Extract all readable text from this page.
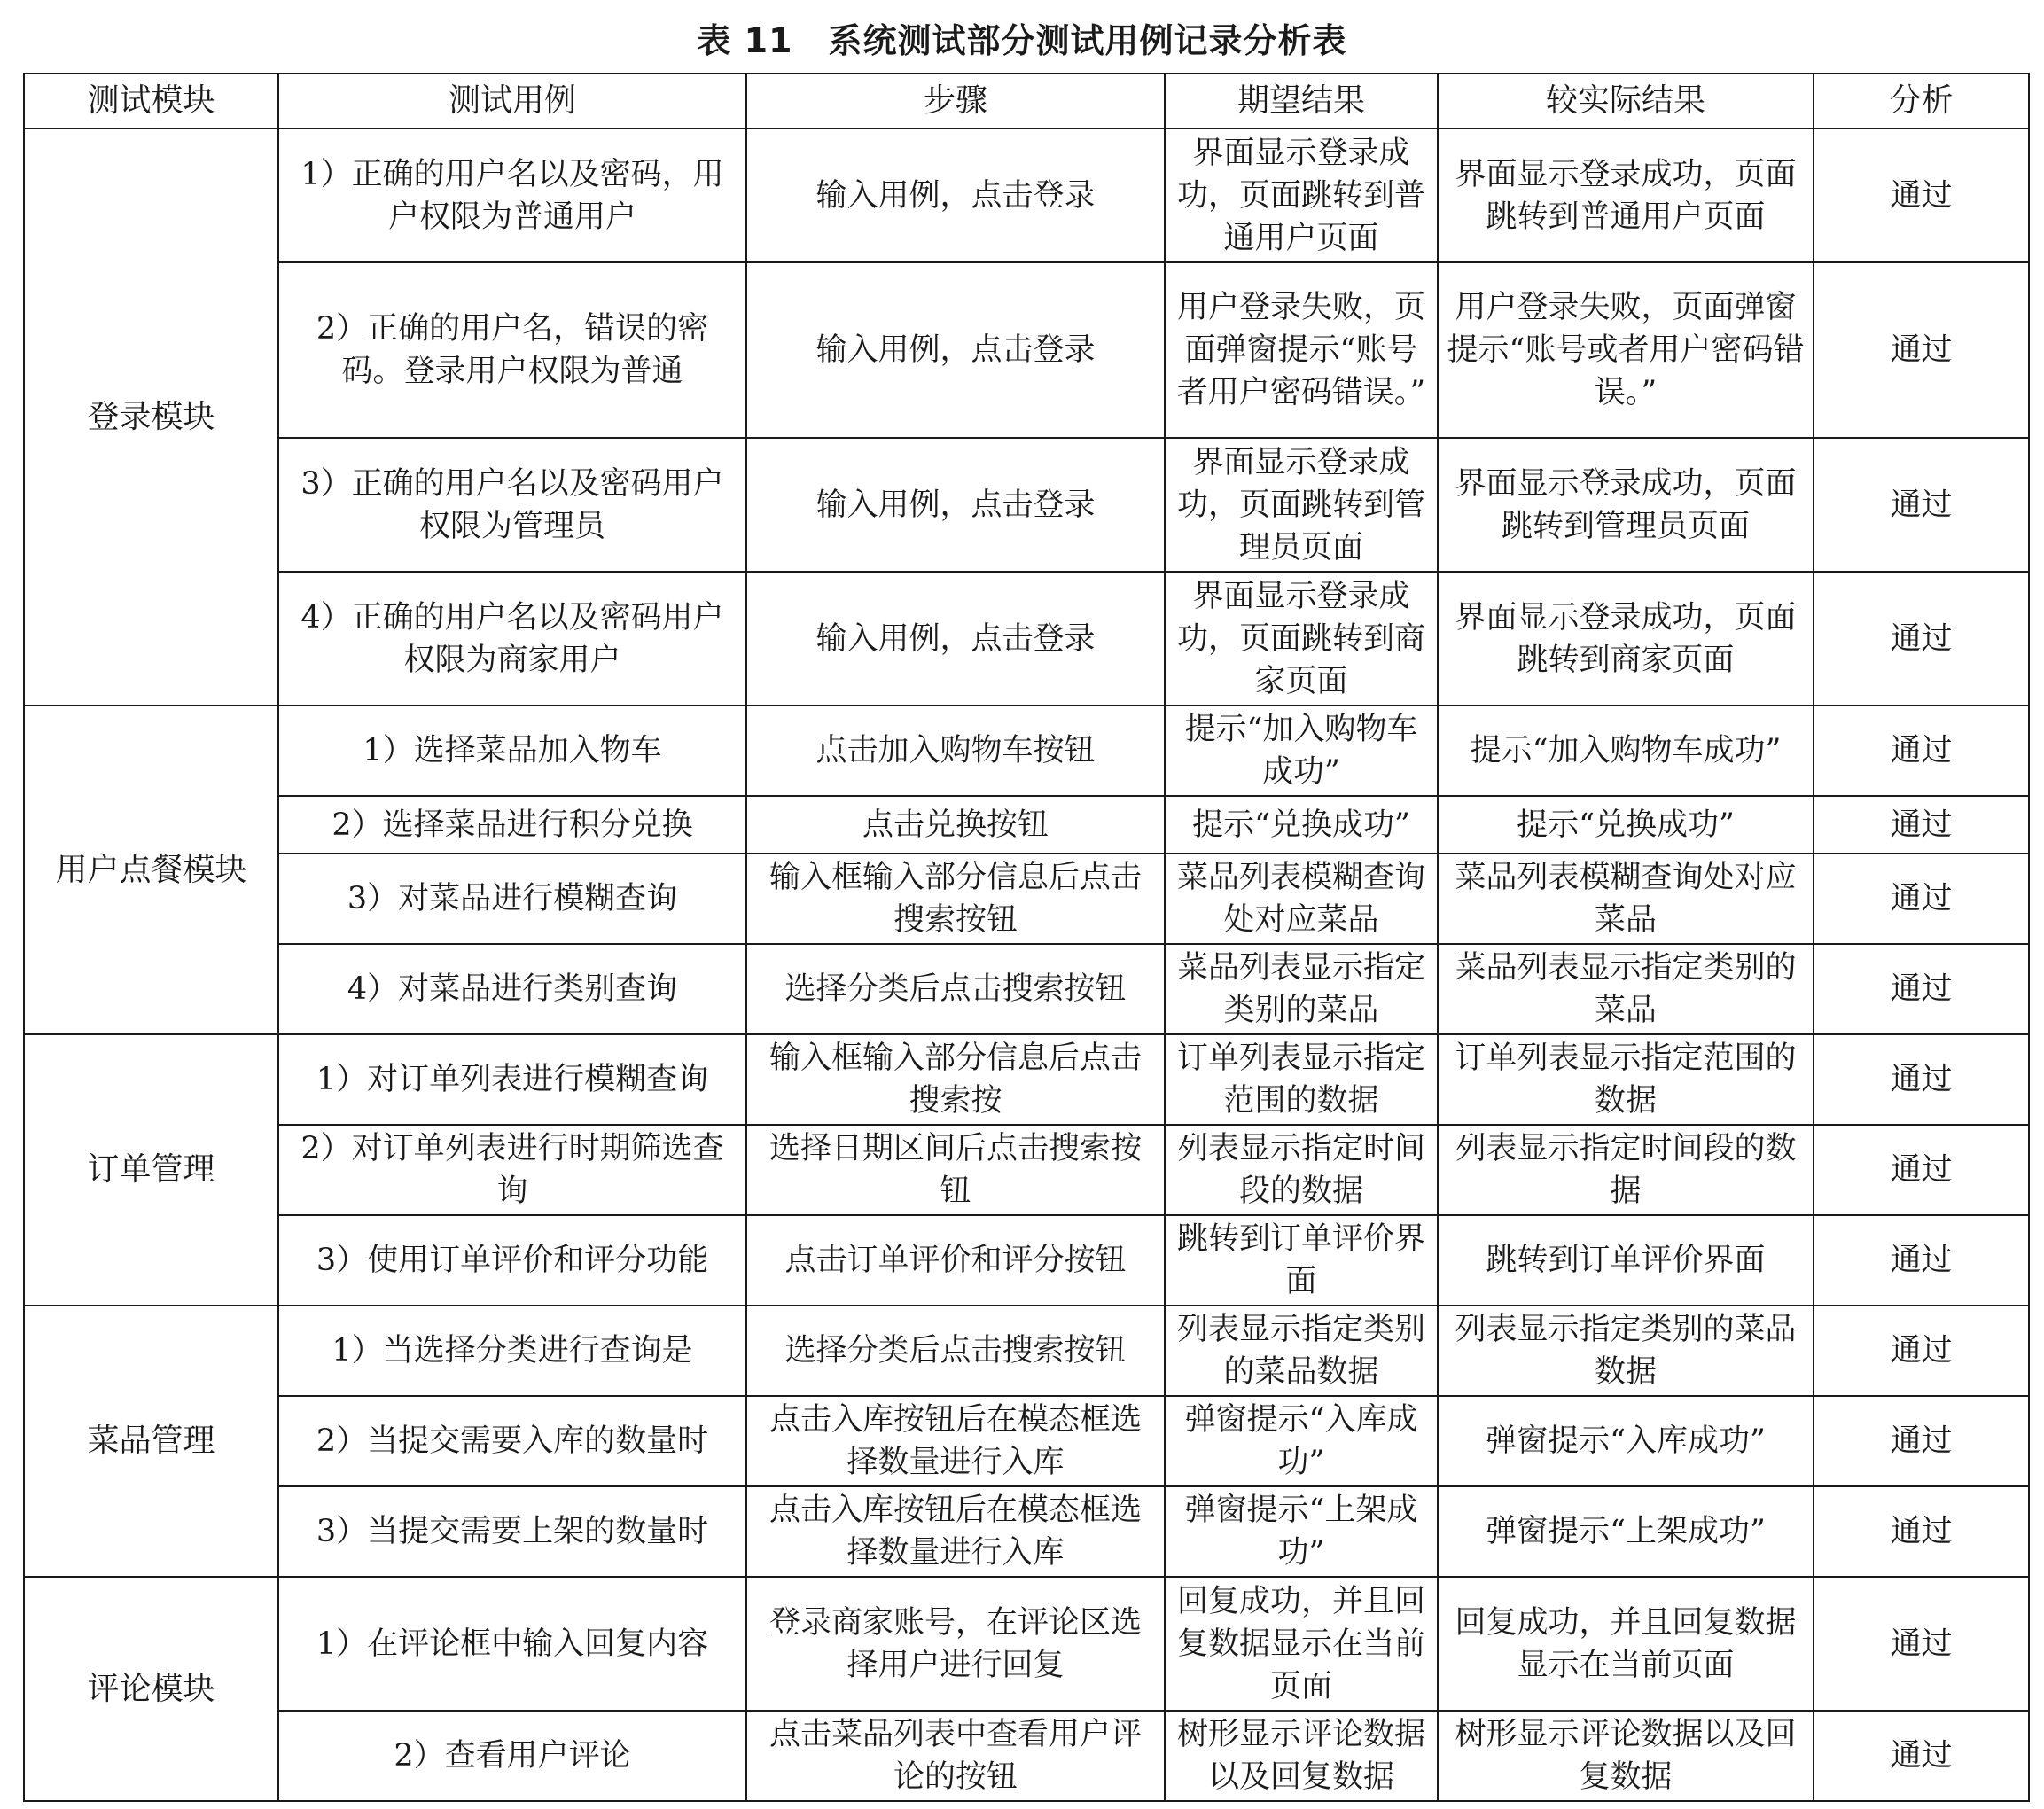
表 11 系统测试部分测试用例记录分析表
测试模块	测试用例	步骤	期望结果	较实际结果	分析
登录模块	1）正确的用户名以及密码，用户权限为普通用户	输入用例，点击登录	界面显示登录成功，页面跳转到普通用户页面	界面显示登录成功，页面跳转到普通用户页面	通过
	2）正确的用户名，错误的密码。登录用户权限为普通	输入用例，点击登录	用户登录失败，页面弹窗提示“账号者用户密码错误。”	用户登录失败，页面弹窗提示“账号或者用户密码错误。”	通过
	3）正确的用户名以及密码用户权限为管理员	输入用例，点击登录	界面显示登录成功，页面跳转到管理员页面	界面显示登录成功，页面跳转到管理员页面	通过
	4）正确的用户名以及密码用户权限为商家用户	输入用例，点击登录	界面显示登录成功，页面跳转到商家页面	界面显示登录成功，页面跳转到商家页面	通过
用户点餐模块	1）选择菜品加入物车	点击加入购物车按钮	提示“加入购物车成功”	提示“加入购物车成功”	通过
	2）选择菜品进行积分兑换	点击兑换按钮	提示“兑换成功”	提示“兑换成功”	通过
	3）对菜品进行模糊查询	输入框输入部分信息后点击搜索按钮	菜品列表模糊查询处对应菜品	菜品列表模糊查询处对应菜品	通过
	4）对菜品进行类别查询	选择分类后点击搜索按钮	菜品列表显示指定类别的菜品	菜品列表显示指定类别的菜品	通过
订单管理	1）对订单列表进行模糊查询	输入框输入部分信息后点击搜索按	订单列表显示指定范围的数据	订单列表显示指定范围的数据	通过
	2）对订单列表进行时期筛选查询	选择日期区间后点击搜索按钮	列表显示指定时间段的数据	列表显示指定时间段的数据	通过
	3）使用订单评价和评分功能	点击订单评价和评分按钮	跳转到订单评价界面	跳转到订单评价界面	通过
菜品管理	1）当选择分类进行查询是	选择分类后点击搜索按钮	列表显示指定类别的菜品数据	列表显示指定类别的菜品数据	通过
	2）当提交需要入库的数量时	点击入库按钮后在模态框选择数量进行入库	弹窗提示“入库成功”	弹窗提示“入库成功”	通过
	3）当提交需要上架的数量时	点击入库按钮后在模态框选择数量进行入库	弹窗提示“上架成功”	弹窗提示“上架成功”	通过
评论模块	1）在评论框中输入回复内容	登录商家账号，在评论区选择用户进行回复	回复成功，并且回复数据显示在当前页面	回复成功，并且回复数据显示在当前页面	通过
	2）查看用户评论	点击菜品列表中查看用户评论的按钮	树形显示评论数据以及回复数据	树形显示评论数据以及回复数据	通过
